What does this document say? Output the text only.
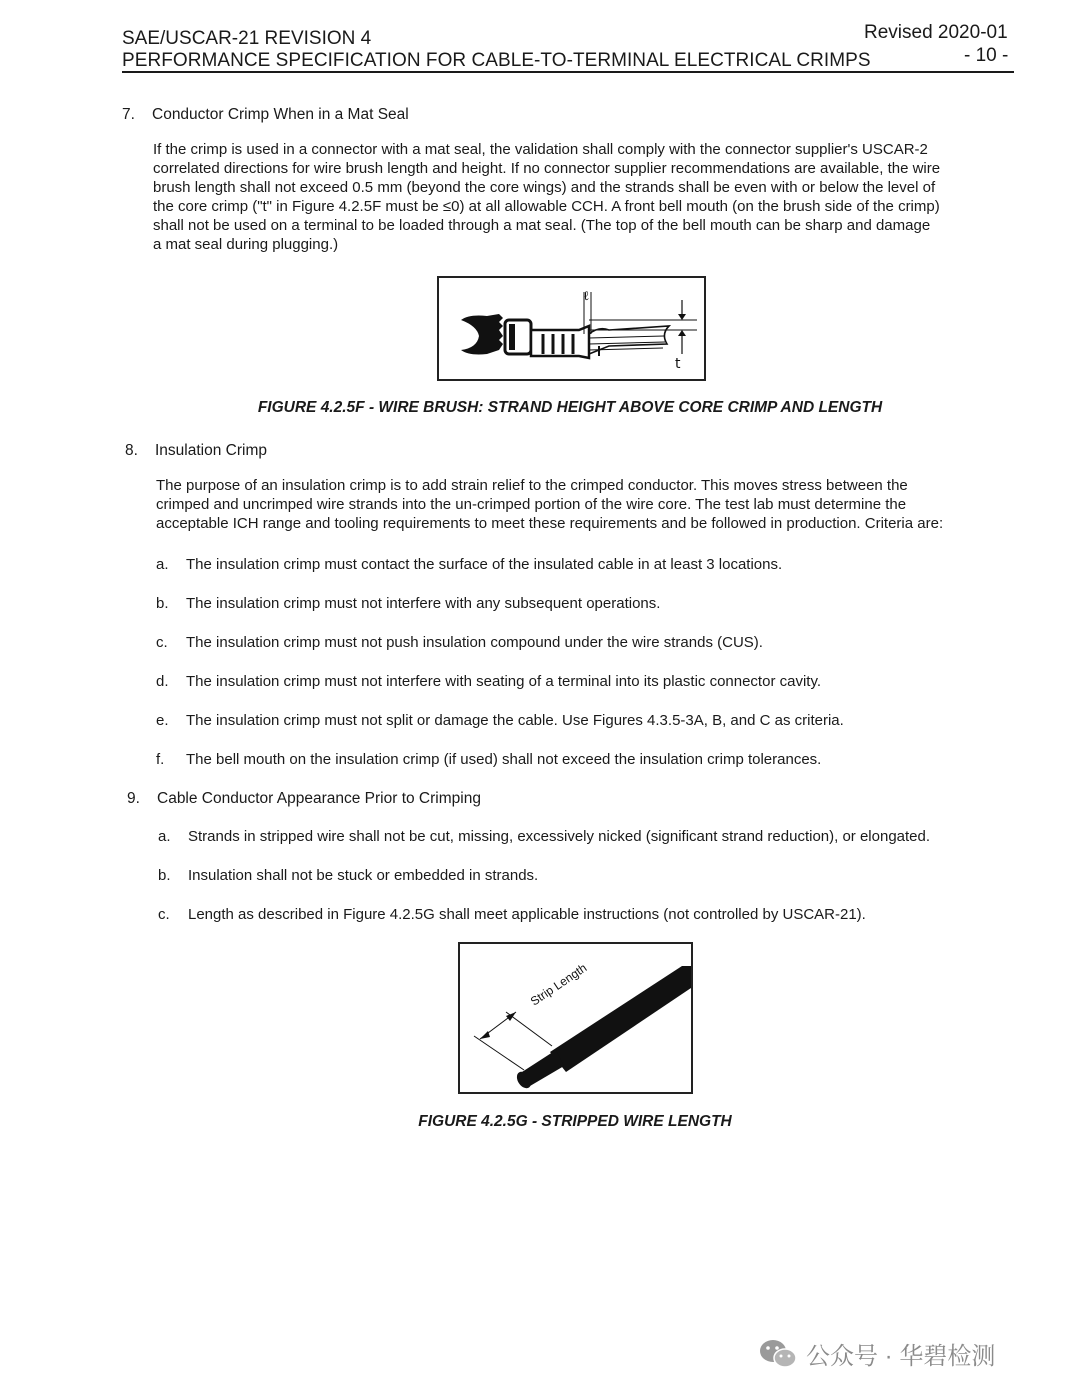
SAE/USCAR-21 REVISION 4	Revised 2020-01
PERFORMANCE SPECIFICATION FOR CABLE-TO-TERMINAL ELECTRICAL CRIMPS	- 10 -
7. Conductor Crimp When in a Mat Seal
If the crimp is used in a connector with a mat seal, the validation shall comply with the connector supplier's USCAR-2
correlated directions for wire brush length and height. If no connector supplier recommendations are available, the wire
brush length shall not exceed 0.5 mm (beyond the core wings) and the strands shall be even with or below the level of
the core crimp ("t" in Figure 4.2.5F must be ≤0) at all allowable CCH. A front bell mouth (on the brush side of the crimp)
shall not be used on a terminal to be loaded through a mat seal. (The top of the bell mouth can be sharp and damage
a mat seal during plugging.)
ℓ
t
FIGURE 4.2.5F - WIRE BRUSH: STRAND HEIGHT ABOVE CORE CRIMP AND LENGTH
8. Insulation Crimp
The purpose of an insulation crimp is to add strain relief to the crimped conductor. This moves stress between the
crimped and uncrimped wire strands into the un-crimped portion of the wire core. The test lab must determine the
acceptable ICH range and tooling requirements to meet these requirements and be followed in production. Criteria are:
a. The insulation crimp must contact the surface of the insulated cable in at least 3 locations.
b. The insulation crimp must not interfere with any subsequent operations.
c. The insulation crimp must not push insulation compound under the wire strands (CUS).
d. The insulation crimp must not interfere with seating of a terminal into its plastic connector cavity.
e. The insulation crimp must not split or damage the cable. Use Figures 4.3.5-3A, B, and C as criteria.
f. The bell mouth on the insulation crimp (if used) shall not exceed the insulation crimp tolerances.
9. Cable Conductor Appearance Prior to Crimping
a. Strands in stripped wire shall not be cut, missing, excessively nicked (significant strand reduction), or elongated.
b. Insulation shall not be stuck or embedded in strands.
c. Length as described in Figure 4.2.5G shall meet applicable instructions (not controlled by USCAR-21).
Strip Length
FIGURE 4.2.5G - STRIPPED WIRE LENGTH
公众号 · 华碧检测
